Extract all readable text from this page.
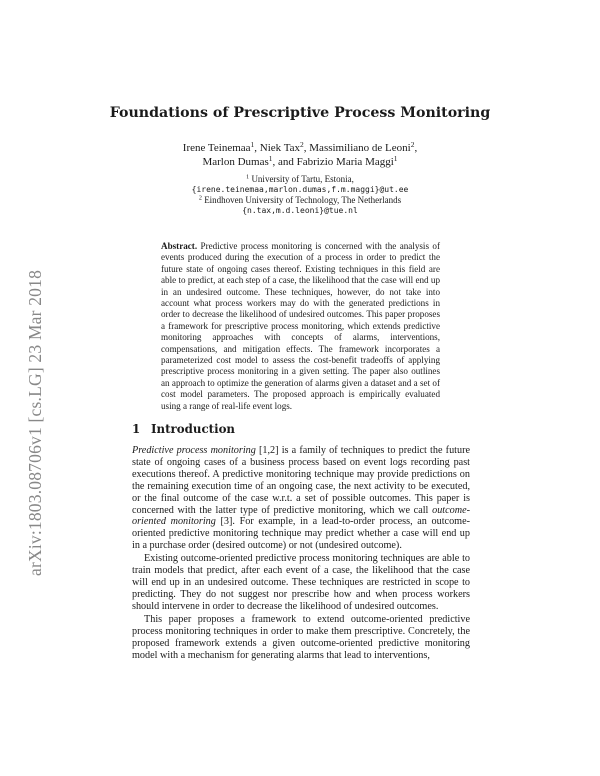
arXiv:1803.08706v1 [cs.LG] 23 Mar 2018
Foundations of Prescriptive Process Monitoring
Irene Teinemaa$^1$, Niek Tax$^2$, Massimiliano de Leoni$^2$,
Marlon Dumas$^1$, and Fabrizio Maria Maggi$^1$
$^1$ University of Tartu, Estonia,
{irene.teinemaa,marlon.dumas,f.m.maggi}@ut.ee
$^2$ Eindhoven University of Technology, The Netherlands
{n.tax,m.d.leoni}@tue.nl

Abstract. Predictive process monitoring is concerned with the analysis of events produced during the execution of a process in order to predict the future state of ongoing cases thereof. Existing techniques in this field are able to predict, at each step of a case, the likelihood that the case will end up in an undesired outcome. These techniques, however, do not take into account what process workers may do with the generated predictions in order to decrease the likelihood of undesired outcomes. This paper proposes a framework for prescriptive process monitoring, which extends predictive monitoring approaches with concepts of alarms, interventions, compensations, and mitigation effects. The framework incorporates a parameterized cost model to assess the cost-benefit tradeoffs of applying prescriptive process monitoring in a given setting. The paper also outlines an approach to optimize the generation of alarms given a dataset and a set of cost model parameters. The proposed approach is empirically evaluated using a range of real-life event logs.

1 Introduction

Predictive process monitoring [1,2] is a family of techniques to predict the future state of ongoing cases of a business process based on event logs recording past executions thereof. A predictive monitoring technique may provide predictions on the remaining execution time of an ongoing case, the next activity to be executed, or the final outcome of the case w.r.t. a set of possible outcomes. This paper is concerned with the latter type of predictive monitoring, which we call outcome-oriented monitoring [3]. For example, in a lead-to-order process, an outcome-oriented predictive monitoring technique may predict whether a case will end up in a purchase order (desired outcome) or not (undesired outcome).

Existing outcome-oriented predictive process monitoring techniques are able to train models that predict, after each event of a case, the likelihood that the case will end up in an undesired outcome. These techniques are restricted in scope to predicting. They do not suggest nor prescribe how and when process workers should intervene in order to decrease the likelihood of undesired outcomes.

This paper proposes a framework to extend outcome-oriented predictive process monitoring techniques in order to make them prescriptive. Concretely, the proposed framework extends a given outcome-oriented predictive monitoring model with a mechanism for generating alarms that lead to interventions,
